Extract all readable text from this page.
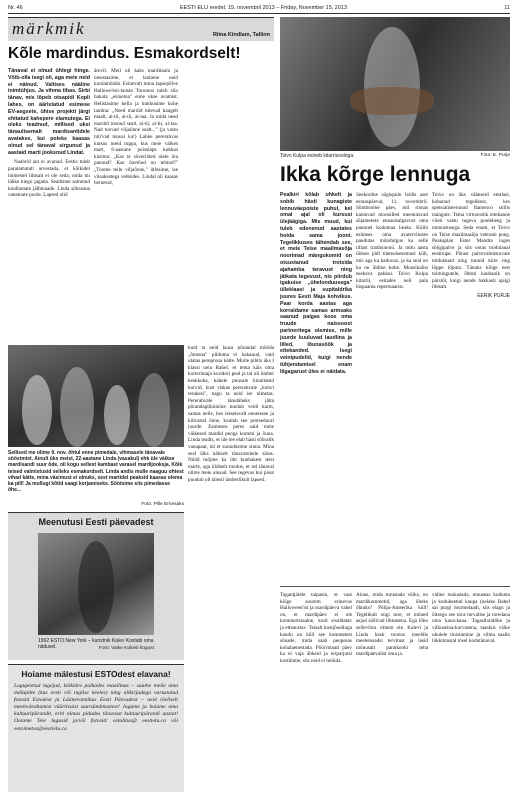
Nr. 46	EESTI ELU reedel, 15. novembril 2013 – Friday, November 15, 2013	11
märkmik	Riina Kindlam, Tallinn
Kõle mardindus. Esmakordselt!
Tänaval ei olnud ühtegi hinge. Võib-olla isegi oli, aga meie neid ei näinud. Valitses nääline inimtühjus. Ja vihma tibas. Sirbi tänav, mis lõpeb otsapidi Kopli lahes, on ääristatud esimese EV-aegsete, ühise projekti järgi ehitatud kahepere elamutega. Ei oleks teadnud, millised uksi tänaulisemalt mardisantidele avatakse, kui poleks kaasas olnud sel tänaval sirgunud ja aastaid marti jooksnud Lindat.
Naabrid aut ei avanud. Eestis tuleb paratamatult arvestada, et kõikidel inimestel lihtsalt ei ole seda, mida mi lähke kiegu jagada. Seadsime sammud kindlamate jälbmaade. Linda sõbranna vanemate poole. Lapsed olid
ärevil. Meil oli kaks mardilaulu ja otsustasime, et laulame neid kordamööda. Esinevalt minu lapsepõlve Hallowe'eni-tausta Torontos tuleb siin hakata „esinema" enne ukse avamist. Helistasime kella ja kukkusime kohe laulma: „Need mardid tulevad kaugelt maalt, ai-tii, ai-tii, ai-taa. Ja mida need mardid toonud sealt, ai-tii, ai-tii, ai-taa. Nad toovad viljaõnne sealt..." (ja vastu tuli'vad muusi ka!) Lahke pererahvas kutsus meid tuppa, kus meie väikes mart, 6-aastane poisslaps kukkus küsima: „Kas te süveriided olete ära pannud? Kas õuetõod on tehtud?" „Toome teile viljaõnne," ütlesime, ise viisakestega vehkides. Lindal oli kaasas hernesid,
Sellised me olime 9. nov. õhtul enne pimedale, vihmasele tänavale sööstmist. Ainult üks meist, 22-aastane Linda (vasakul) ehk üle väikse mardisandi suur õde, oli kogu sellest kambast varasel mardijooksja. Kõik teised valmistusid selleks esmakordselt. Linda andis mulle naaguu ohtest vihad kätte, mina väsimust ei olnuks, sest martidel peaksid kaasas olema ka pill! Ja mullugi kõtid saagi korjamiseks. Söötsime siis pimedasse õhe...
Foto: Pille Ernesaks
Meenutusi Eesti päevadest
1992 ESTO New York – kunstnik Kalev Kostabi oma näitusel.	Foto: Vaike Külveti kogust
Hoiame mälestusi ESTOdest elavana!
Lugupeetud lugejad, kõikides paikades maailmas – sauthe meile oma mälupilte (kus eesti või inglise keeles) ning allkirjadega varustatud fotosid Estodest ja Läänerannikus Eesti Päevadest – neid tõeliselt meeleoleahamist väärtivaist suursündmustest! Jagame ja hoiame oma kultuuripärandit, eriti nimas pidades tänavust kultuuripärandi aastat! Ootame Teie lugusid ja/või fotosid: estalitus@ eestielu.ca või eetoimetus@eestielu.ca
kuid ta neid lausa põrandal mööda „õnnena" pilduma ei hakanud, vaid ulatas pereprona kätte. Mulle pihtis üks I klassi neiu Rahel, et tema käis oma korterimaja koridori peal ja tal oli ümber keskkoha, kahele puusale kinnitatud korvid, kust viskas pererahvale „kohvi terakesi", nagu ta neid ise nimetas. Pererahvale tänutäheks jätta põrandaplikkinine tundub veidi karm, samas neile, kes iseseisvalt ennetesse ja külvatud õnne, kuulub see protseduuri juurde. Esimeses peres said meie väikesed mardid peoga kommi ja õuna. Linda teadis, et üle tee elab hästi sõbralik vanapaar, nii et suundusime sinna. Mina seal läks nätiselt tänavatulede säras. Nüüd mõjme ka üht kunbakest teisi marte, aga üldiselt tundus, et sel tänaval olime meie ainsad. See tegevus kui pisut puudub oli täiesti ümberlikult lapsed.
Toivo Kulpa esineb kitarrisoologa.	Foto: E. Purje
Ikka kõrge lennuga
Pealkiri kõlab uhkelt ja sobib hästi kunagiste lennuväepoiste puhul, kel omal ajal oli kursusi ülejäägiga. Mis muud, kui tuleb edenenud aastates hoida sama joont. Tegelikkuses tähendab see, et meie Teise maailmasõja noorimad mängukomid on otsustanud trotsida ajahamba teravust ning jätkata tegevust, nis piirdub igakuise „ühelonduusega" ülleklaasi ja supitaldrika juures Eesti Maja kohvikus. Paar korda aastas aga korraldame samas armsaks saanud paigas koos oma truude naissoost partneritega olemise, mille juurde kuuluvad laudlina ja lilled, lõunasöök ja ettekanded. Isegi veinipudelid, kuigi nende tühjendamisel enam liigagarust üles ei näidata.
Seekordne sügispidu leidis aset esmaspäeval, 11. novembril. Sümboolne päev, mil rinnas kantavad moonilled meenutavad sõjameeste ennastsalgavust oma pannuel kodumaa heaks. Kõibi esimees oma avatervituses paudutas mündulgus ka selle tillast traditsiooni. Ja mitu aasta üldses pidi tüeteulsesemusl küll, mis aga ka kaduvus, ja ka seal on ka on üldine kohe. Muusikalist esekava pakkus Toivo Kulpa kitarril, esitades neli pala hispaania repertuaarist.
Toivo on üks väheseid eestlasi, kohanud tegelikest, kes spetsialiseerunud flamenco stiilis mängule. Tema virtuooslik ettekanne võeti vastu tugeva pooleheeg ja tunnustusega. Seda enam, et Toivo on Teise maailmasõja veterani poeg. Peakaplan Ester Mandra luges söögipalve ja siis ootas toidulaual eestirupe. Pärast palvevalmistuvate toidulauad ning tunnid kiire ring lõppe lõputa. Tänuks kõige eest toimingutele, õhtuti kaubanik on pärsiöt, kuigi nende hakkasti ajalgi lihtsalt.
EERIK PURJE
Tagantjärele taipasin, et vaat kõige suurem erinevus Halloween'ist ja mardipäeva vahel on, et mardipäev ei ole kommertsiaalne, kuid sisuldatav ja etteaustav. Teisalt kostjõuelluga kaudu on küll see kommetest sõnade, mida saab peopesas kohalaenestada. Pöörrmnati päev ka ei vaja ähkeid ja eriparjutsi kostüüme, siis neid ei müüda.
Ainus, mida turustada võiks, on mardikommetid, aga üheks õhtuks? Põhja-Ameerika küll! Tegelikult ongi tore, et mõned asjad säilivad lihtsatena. Ega lõbu sellevõrra vähem ole. Kalevi ja Linda kesk toonus meeldis meeletusadsi tervitust ja lasid mõnusalt pannkooki teha mardipäevalist oma ja.
valine maiustada, muuseas kodunta ja kodukeetud kaupa (nelake Rahel sai purgi murmelaadi, siis elagu ja õitsegu see tava turvalise ja toredana oma kaua-kaua. Tagasihoidlike ja vilkuseina-kurvasena, taaskus väike ukulele tinistamine ja vilma saalin lükkimustal tõsel kodutänaval.
